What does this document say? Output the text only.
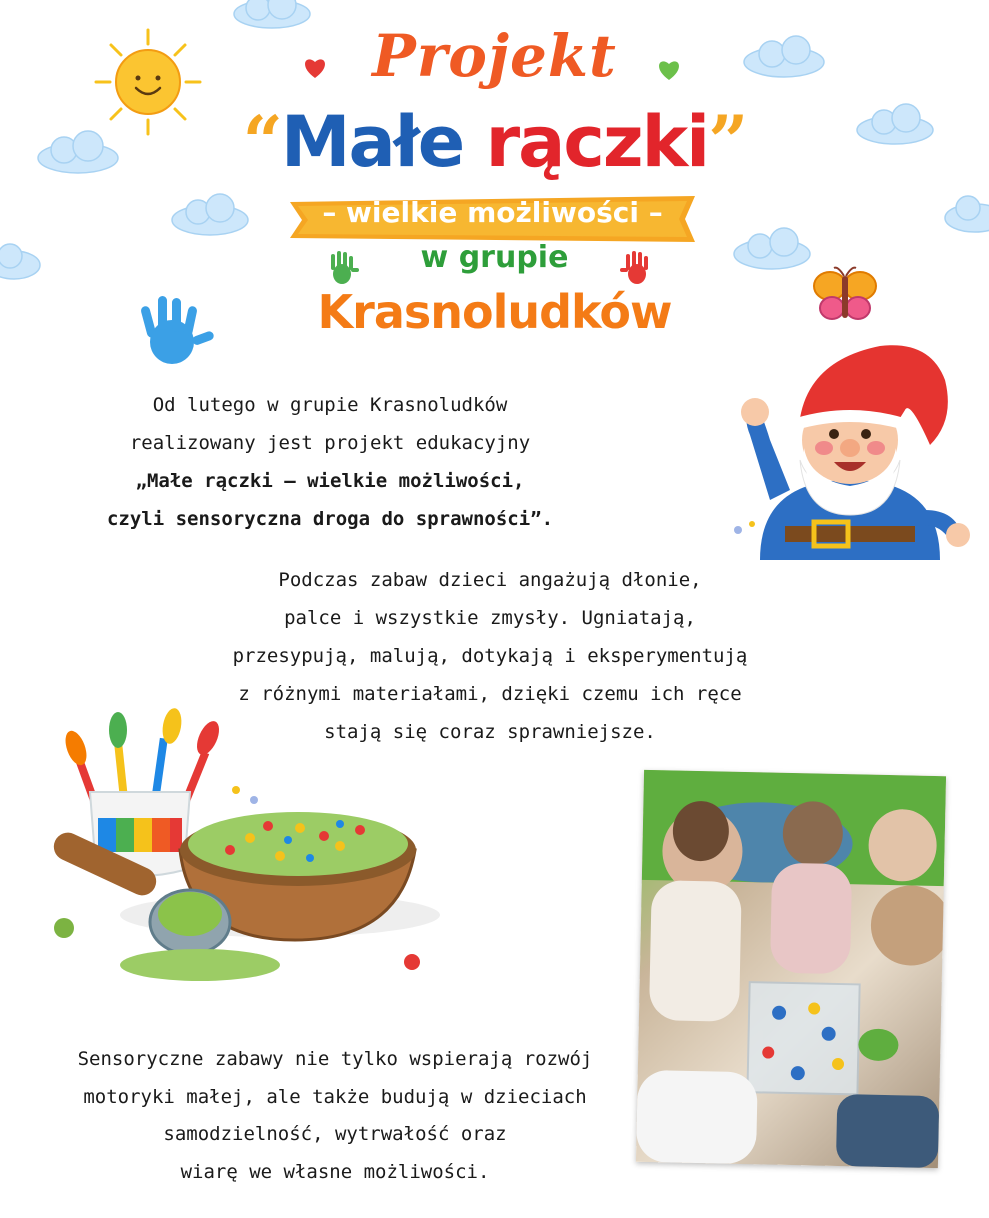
Projekt
“Małe rączki”
– wielkie możliwości –
w grupie
Krasnoludków
Od lutego w grupie Krasnoludków
realizowany jest projekt edukacyjny
„Małe rączki – wielkie możliwości,
czyli sensoryczna droga do sprawności”.
Podczas zabaw dzieci angażują dłonie,
palce i wszystkie zmysły. Ugniatają,
przesypują, malują, dotykają i eksperymentują
z różnymi materiałami, dzięki czemu ich ręce
stają się coraz sprawniejsze.
Sensoryczne zabawy nie tylko wspierają rozwój
motoryki małej, ale także budują w dzieciach
samodzielność, wytrwałość oraz
wiarę we własne możliwości.
